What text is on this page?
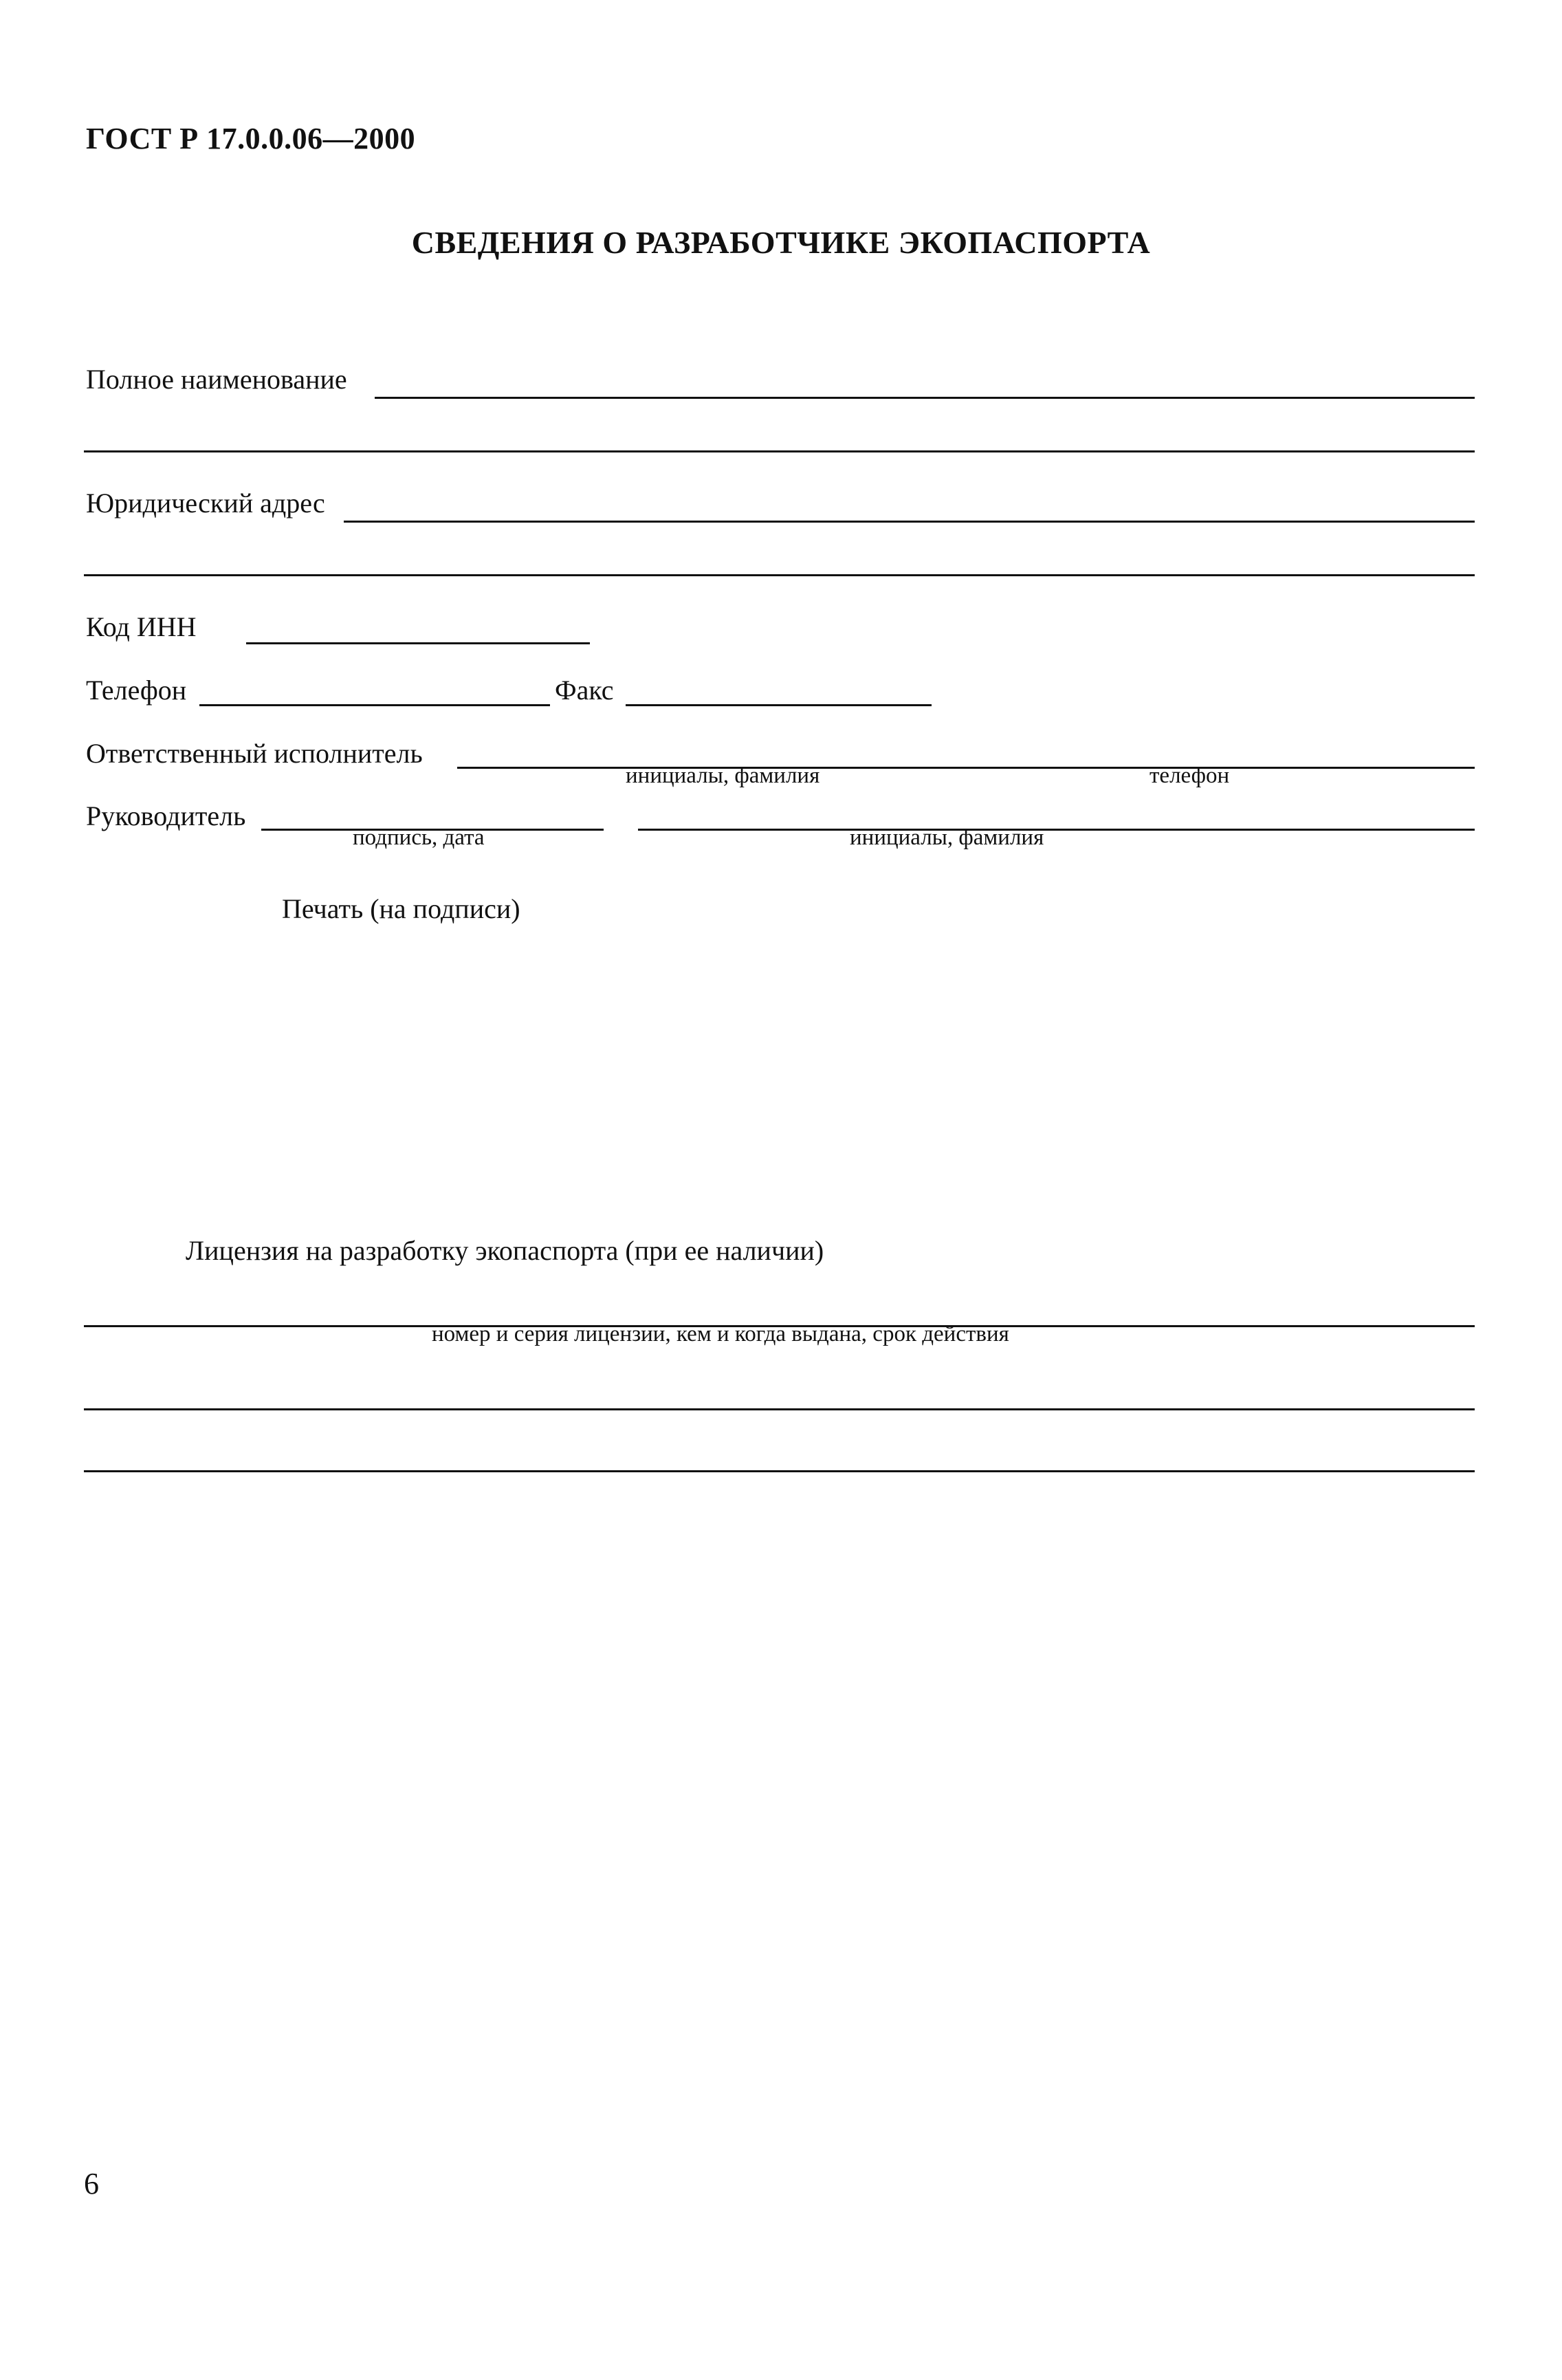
ГОСТ Р 17.0.0.06—2000
СВЕДЕНИЯ О РАЗРАБОТЧИКЕ ЭКОПАСПОРТА
Полное наименование
Юридический адрес
Код ИНН
Телефон	Факс
Ответственный исполнитель
инициалы, фамилия	телефон
Руководитель
подпись, дата	инициалы, фамилия
Печать (на подписи)
Лицензия на разработку экопаспорта (при ее наличии)
номер и серия лицензии, кем и когда выдана, срок действия
6
